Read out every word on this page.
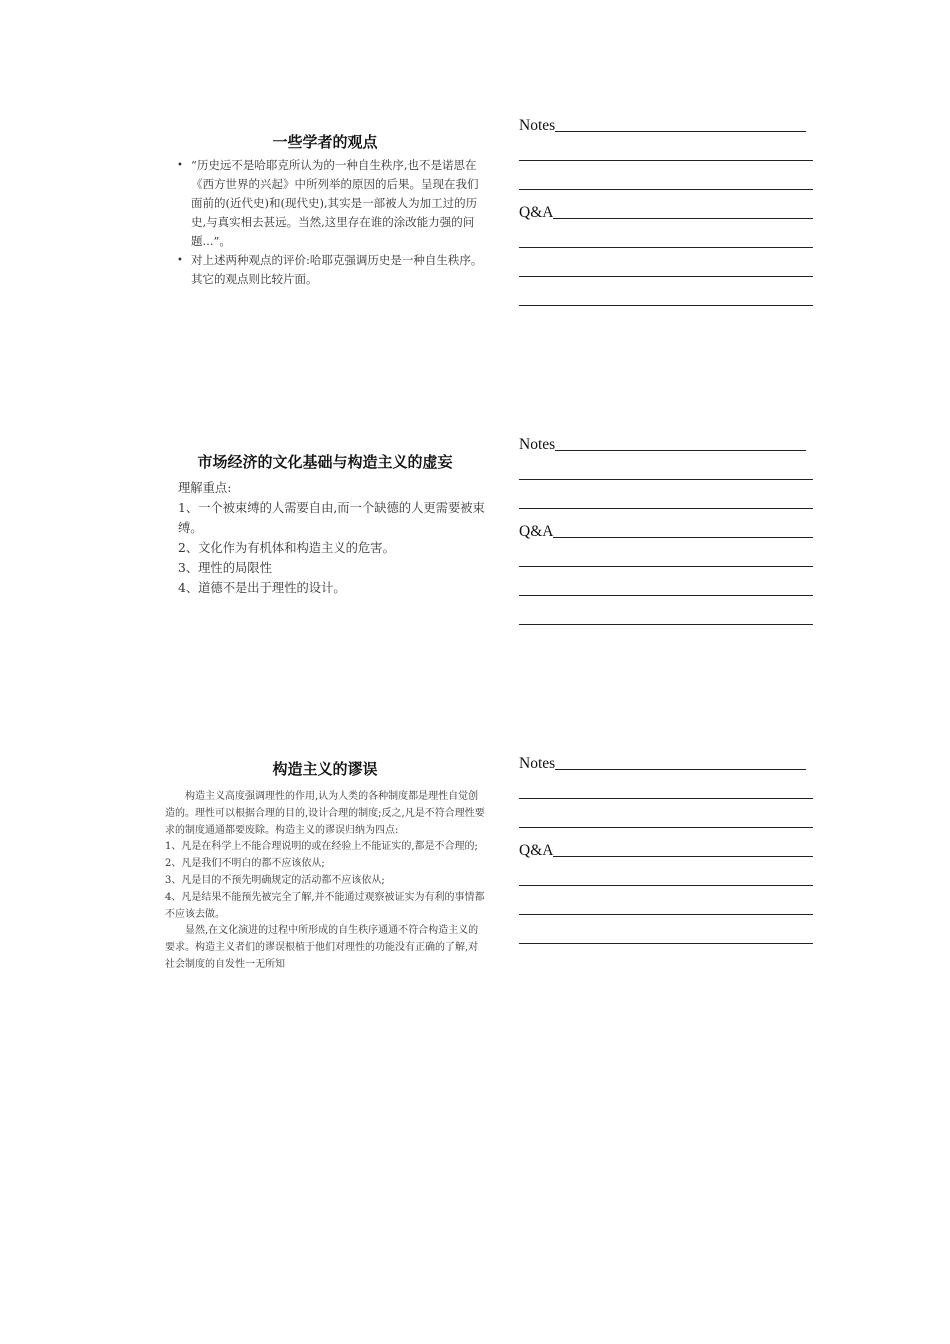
一些学者的观点
• “历史远不是哈耶克所认为的一种自生秩序,也不是诺思在《西方世界的兴起》中所列举的原因的后果。呈现在我们面前的(近代史)和(现代史),其实是一部被人为加工过的历史,与真实相去甚远。当然,这里存在谁的涂改能力强的问题...”。
• 对上述两种观点的评价:哈耶克强调历史是一种自生秩序。其它的观点则比较片面。
市场经济的文化基础与构造主义的虚妄

理解重点:

1、一个被束缚的人需要自由,而一个缺德的人更需要被束缚。

2、文化作为有机体和构造主义的危害。

3、理性的局限性

4、道德不是出于理性的设计。

构造主义的谬误

构造主义高度强调理性的作用,认为人类的各种制度都是理性自觉创造的。理性可以根据合理的目的,设计合理的制度;反之,凡是不符合理性要求的制度通通都要废除。构造主义的谬误归纳为四点:

1、凡是在科学上不能合理说明的或在经验上不能证实的,都是不合理的;

2、凡是我们不明白的都不应该依从;

3、凡是目的不预先明确规定的活动都不应该依从;

4、凡是结果不能预先被完全了解,并不能通过观察被证实为有利的事情都不应该去做。

显然,在文化演进的过程中所形成的自生秩序通通不符合构造主义的要求。构造主义者们的谬误根植于他们对理性的功能没有正确的了解,对社会制度的自发性一无所知

Notes
Q&A
Notes
Q&A
Notes
Q&A
